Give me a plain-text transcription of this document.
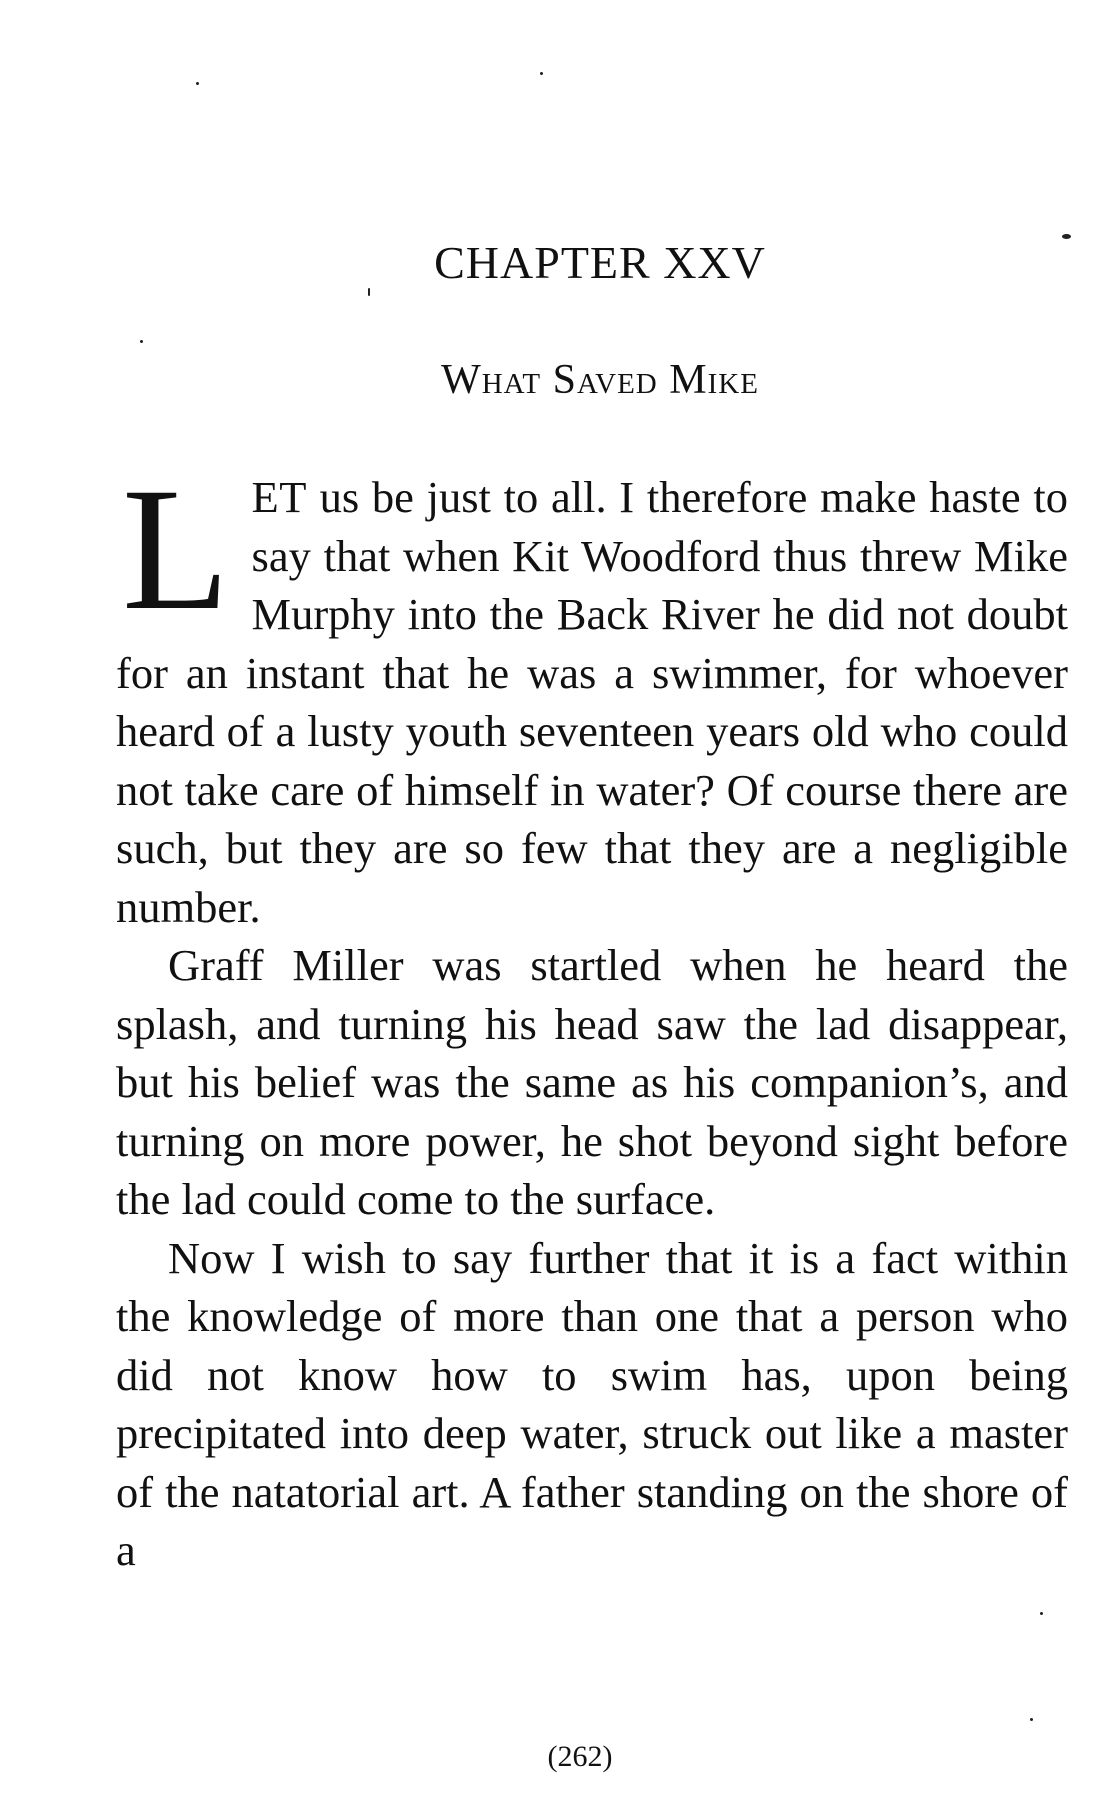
CHAPTER XXV
What Saved Mike

LET us be just to all. I therefore make haste to say that when Kit Woodford thus threw Mike Murphy into the Back River he did not doubt for an instant that he was a swimmer, for whoever heard of a lusty youth seventeen years old who could not take care of himself in water? Of course there are such, but they are so few that they are a negligible number.

Graff Miller was startled when he heard the splash, and turning his head saw the lad disappear, but his belief was the same as his companion’s, and turning on more power, he shot beyond sight before the lad could come to the surface.

Now I wish to say further that it is a fact within the knowledge of more than one that a person who did not know how to swim has, upon being precipitated into deep water, struck out like a master of the natatorial art. A father standing on the shore of a

(262)
